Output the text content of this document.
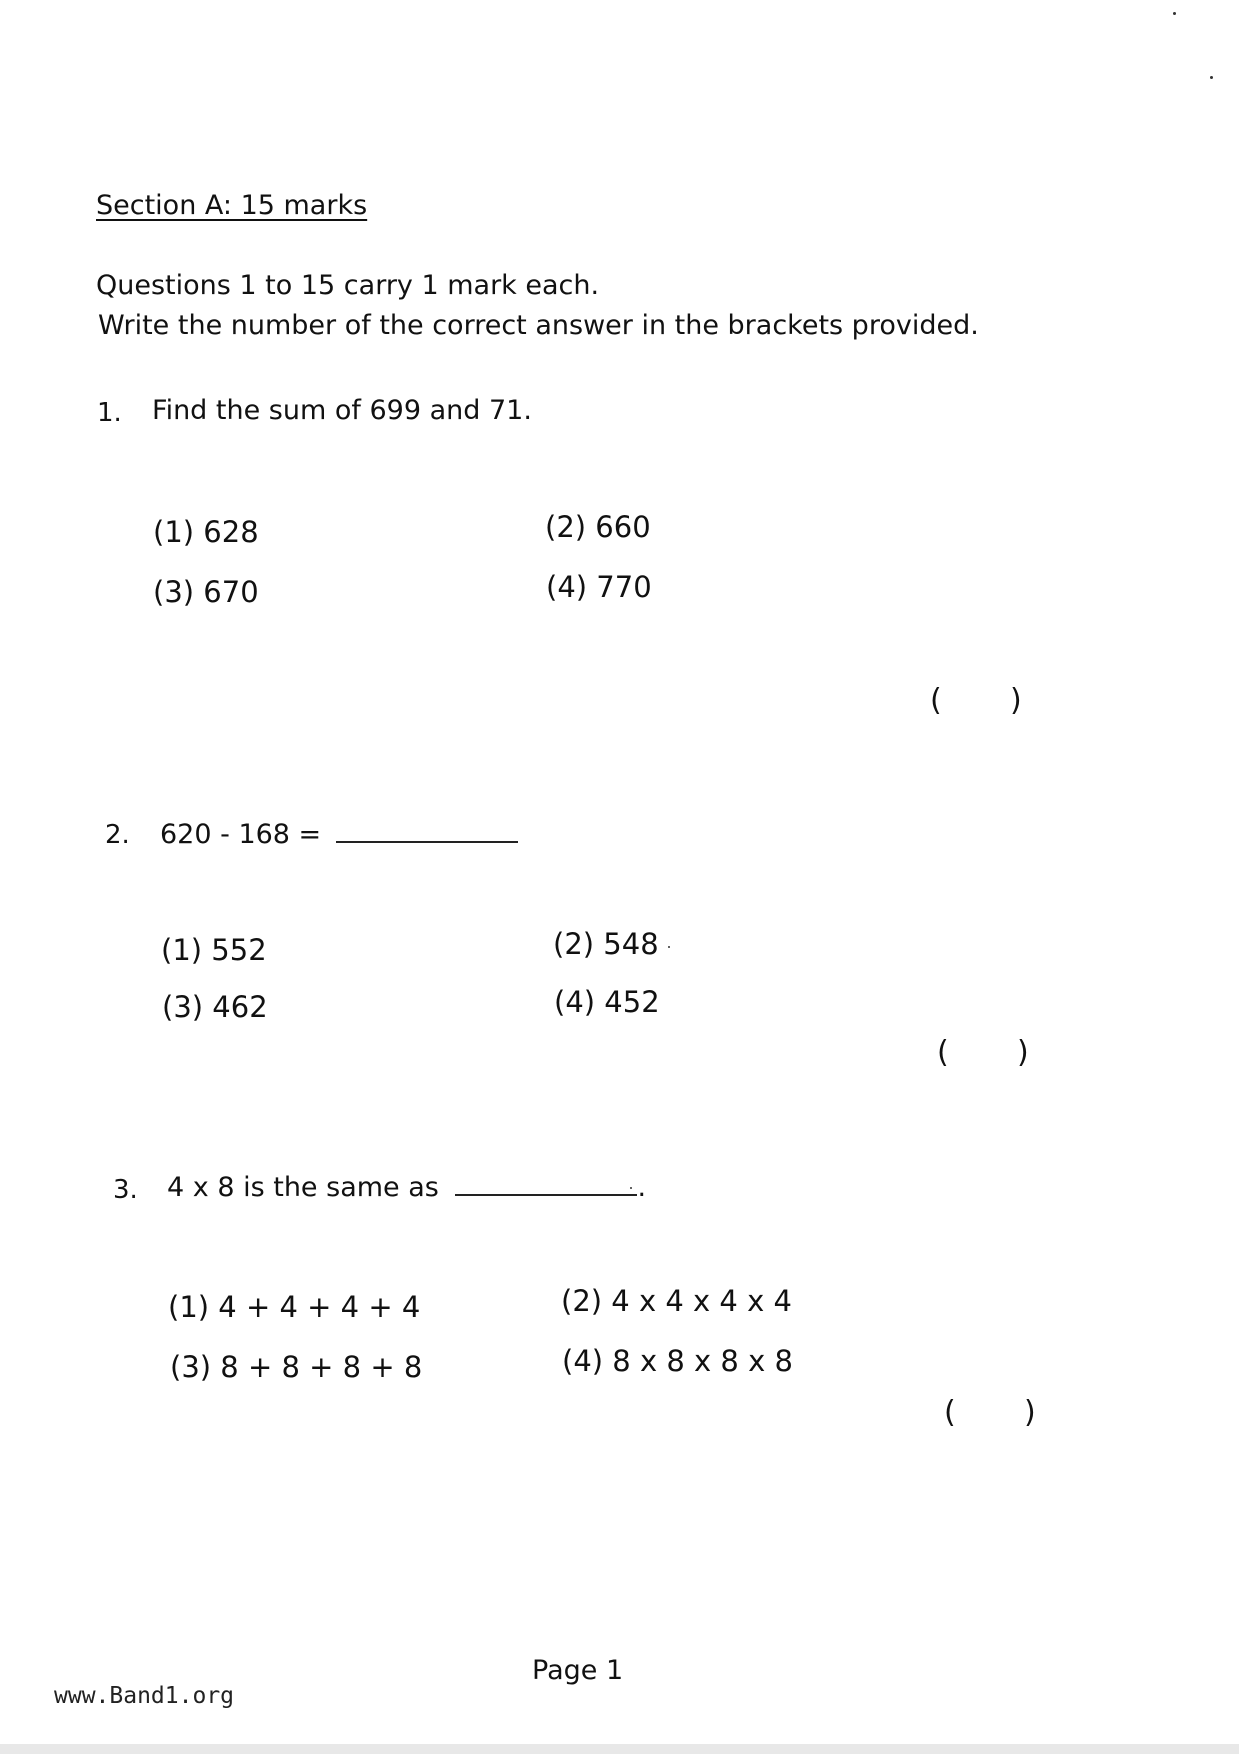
Section A: 15 marks
Questions 1 to 15 carry 1 mark each.
Write the number of the correct answer in the brackets provided.
1. Find the sum of 699 and 71.
(1) 628	(2) 660
(3) 670	(4) 770
( )
2. 620 - 168 =
(1) 552	(2) 548
(3) 462	(4) 452
( )
3. 4 x 8 is the same as	.
(1) 4 + 4 + 4 + 4	(2) 4 x 4 x 4 x 4
(3) 8 + 8 + 8 + 8	(4) 8 x 8 x 8 x 8
( )
Page 1
www.Band1.org
